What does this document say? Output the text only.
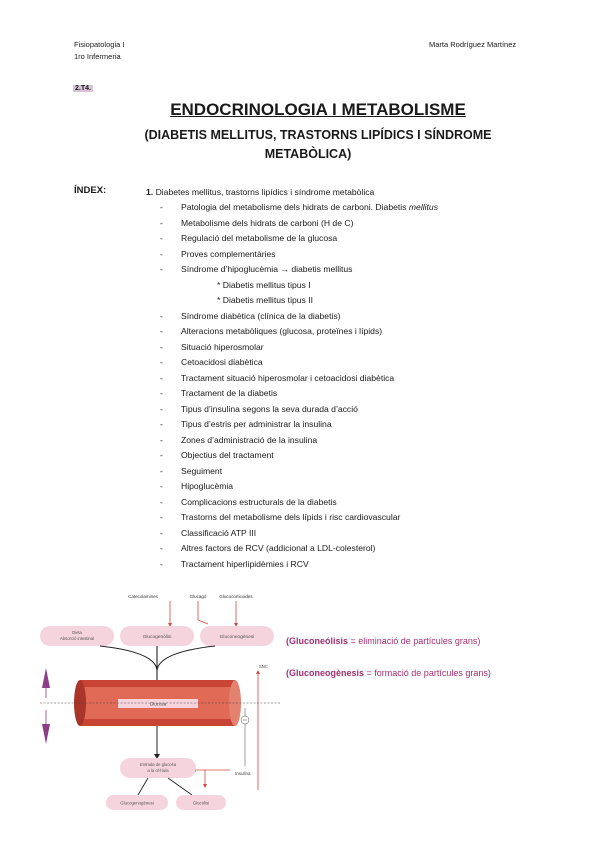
Fisiopatologia I
1ro Infermeria
Marta Rodríguez Martínez
2.T4.
ENDOCRINOLOGIA I METABOLISME
(DIABETIS MELLITUS, TRASTORNS LIPÍDICS I SÍNDROME
METABÒLICA)
ÍNDEX:	1. Diabetes mellitus, trastorns lipídics i síndrome metabòlica
- Patologia del metabolisme dels hidrats de carboni. Diabetis mellitus
- Metabolisme dels hidrats de carboni (H de C)
- Regulació del metabolisme de la glucosa
- Proves complementàries
- Síndrome d’hipoglucèmia → diabetis mellitus
* Diabetis mellitus tipus I
* Diabetis mellitus tipus II
- Síndrome diabètica (clínica de la diabetis)
- Alteracions metabòliques (glucosa, proteïnes i lípids)
- Situació hiperosmolar
- Cetoacidosi diabètica
- Tractament situació hiperosmolar i cetoacidosi diabètica
- Tractament de la diabetis
- Tipus d’insulina segons la seva durada d’acció
- Tipus d’estris per administrar la insulina
- Zones d’administració de la insulina
- Objectius del tractament
- Seguiment
- Hipoglucèmia
- Complicacions estructurals de la diabetis
- Trastorns del metabolisme dels lípids i risc cardiovascular
- Classificació ATP III
- Altres factors de RCV (addicional a LDL-colesterol)
- Tractament hiperlipidèmies i RCV
Catecolamines	Glucagó	Glucocorticoides
Dieta
Absorció intestinal	Glucogenòlisi	Gluconeogènesi
Glucosa
SNC
Insulina
Entrada de glucosa
a la cèl·lula
Glucogenogènesi	Glucòlisi
(Gluconeólisis = eliminació de partícules grans)
(Gluconeogènesis = formació de partícules grans)
